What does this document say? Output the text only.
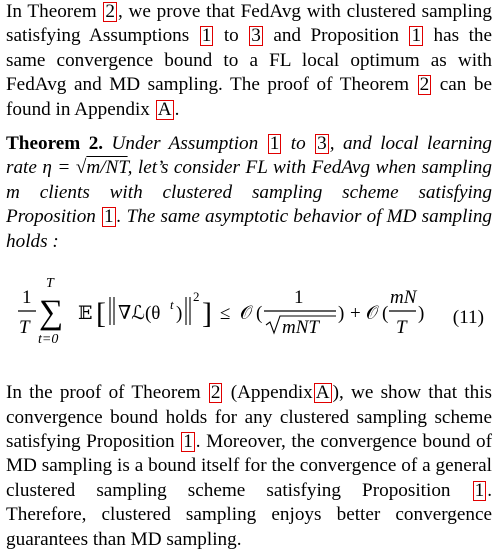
In Theorem 2 , we prove that FedAvg with clustered sampling satisfying Assumptions 1 to 3 and Proposition 1 has the same convergence bound to a FL local optimum as with FedAvg and MD sampling. The proof of Theorem 2 can be found in Appendix A .

Theorem 2. Under Assumption 1 to 3 , and local learning rate η = √m/NT, let’s consider FL with FedAvg when sampling m clients with clustered sampling scheme satisfying Proposition 1 . The same asymptotic behavior of MD sampling holds :

1
T
T
∑
t=0
𝔼 [ ∇ℒ(θ t )
2
] ≤ 𝒪 (
1
mNT
) + 𝒪 (
mN
T
) (11)

In the proof of Theorem 2 (Appendix A ), we show that this convergence bound holds for any clustered sampling scheme satisfying Proposition 1 . Moreover, the convergence bound of MD sampling is a bound itself for the convergence of a general clustered sampling scheme satisfying Proposition 1 . Therefore, clustered sampling enjoys better convergence guarantees than MD sampling.
